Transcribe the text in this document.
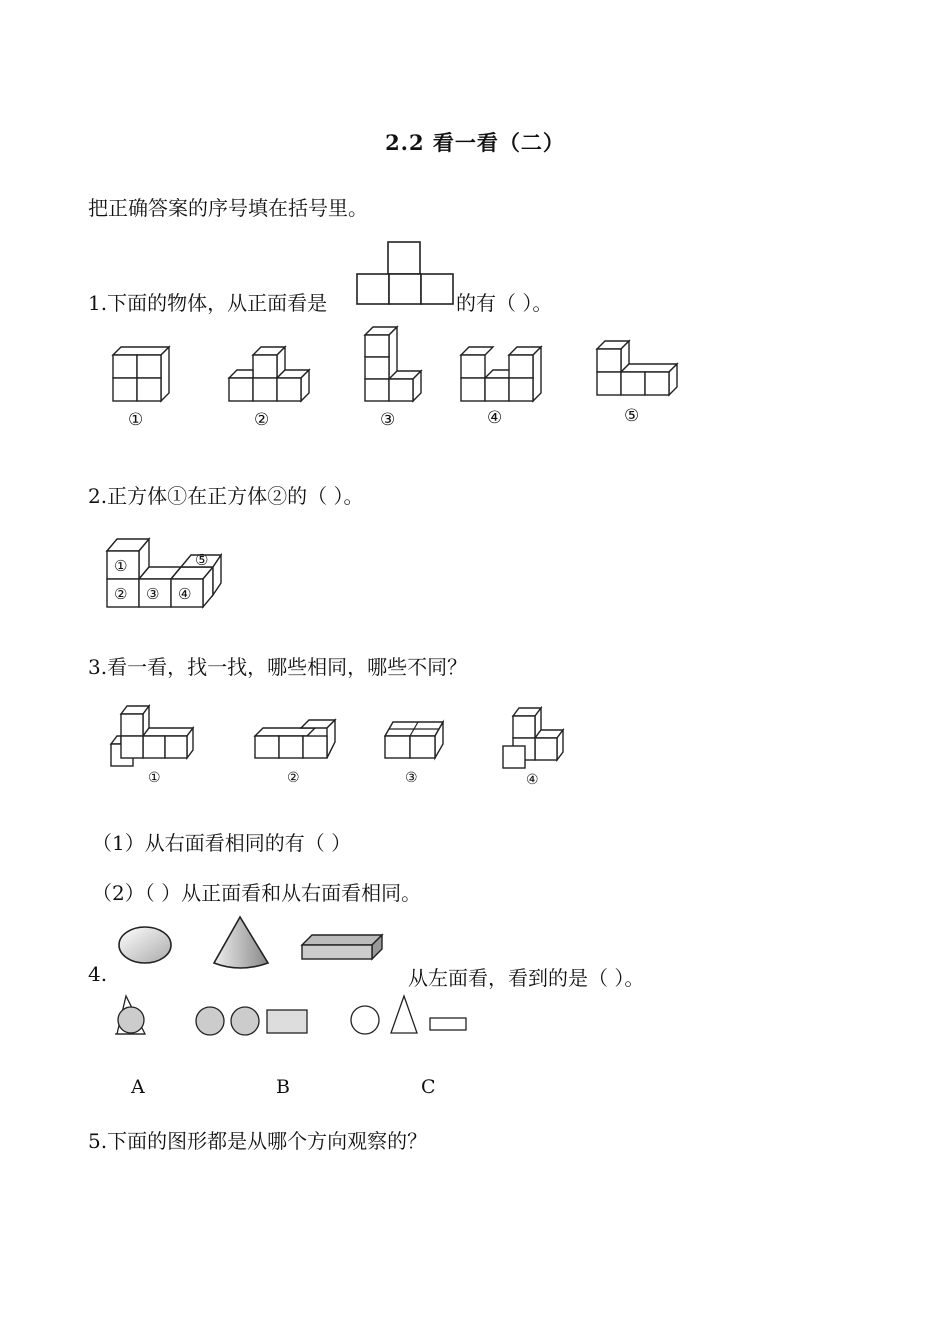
2.2 看一看（二）
把正确答案的序号填在括号里。
1.下面的物体，从正面看是	的有（ ）。
①	②	③	④	⑤
2.正方体①在正方体②的（ ）。
①
② ③ ④
⑤
3.看一看，找一找，哪些相同，哪些不同？
①	②	③	④
（1）从右面看相同的有（ ）
（2）（ ）从正面看和从右面看相同。
4.	从左面看，看到的是（ ）。
A	B	C
5.下面的图形都是从哪个方向观察的？
